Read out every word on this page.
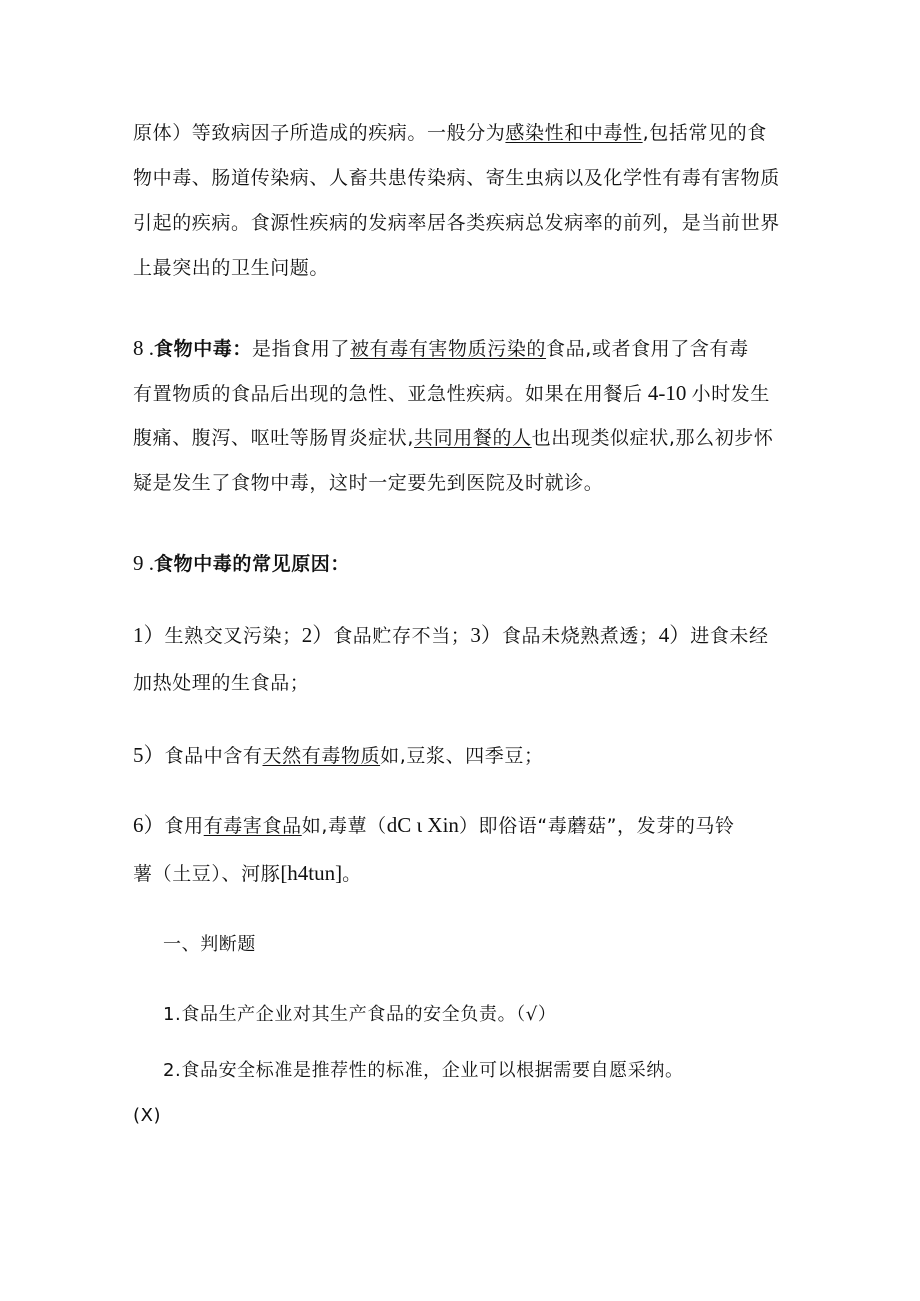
原体）等致病因子所造成的疾病。一般分为感染性和中毒性,包括常见的食
物中毒、肠道传染病、人畜共患传染病、寄生虫病以及化学性有毒有害物质
引起的疾病。食源性疾病的发病率居各类疾病总发病率的前列，是当前世界
上最突出的卫生问题。
8 .食物中毒：是指食用了被有毒有害物质污染的食品,或者食用了含有毒
有置物质的食品后出现的急性、亚急性疾病。如果在用餐后 4-10 小时发生
腹痛、腹泻、呕吐等肠胃炎症状,共同用餐的人也出现类似症状,那么初步怀
疑是发生了食物中毒，这时一定要先到医院及时就诊。
9 .食物中毒的常见原因：
1）生熟交叉污染；2）食品贮存不当；3）食品未烧熟煮透；4）进食未经
加热处理的生食品；
5）食品中含有天然有毒物质如,豆浆、四季豆；
6）食用有毒害食品如,毒蕈（dC ι Xin）即俗语“毒蘑菇”，发芽的马铃
薯（土豆）、河豚[h4tun]。
一、判断题
1.食品生产企业对其生产食品的安全负责。（√）
2.食品安全标准是推荐性的标准，企业可以根据需要自愿采纳。
(X)
